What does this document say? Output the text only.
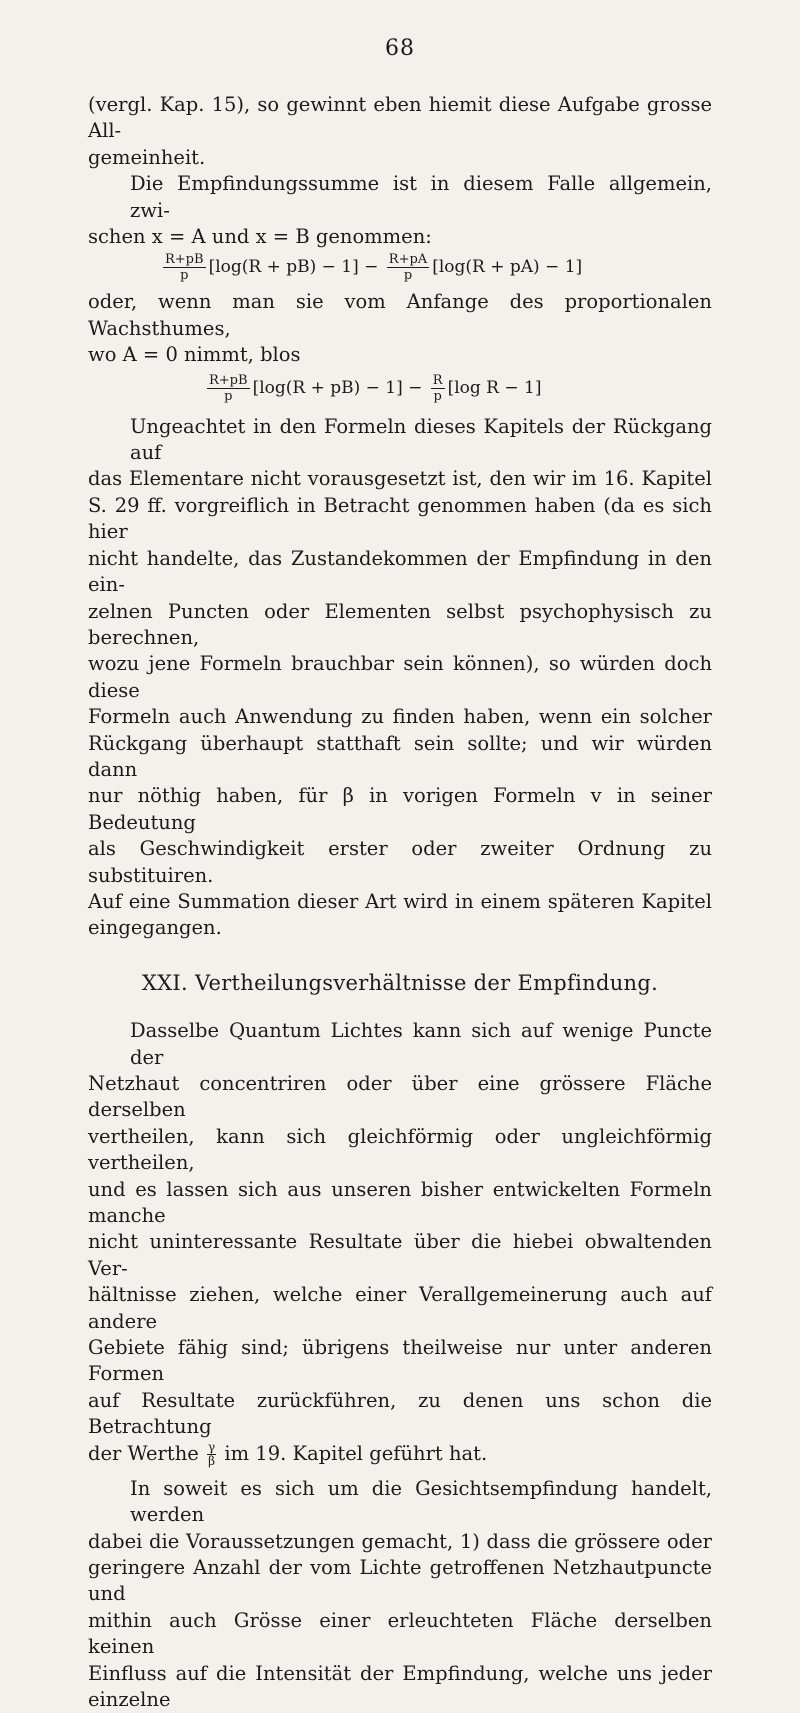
68
(vergl. Kap. 15), so gewinnt eben hiemit diese Aufgabe grosse All-
gemeinheit.
Die Empfindungssumme ist in diesem Falle allgemein, zwi-
schen x = A und x = B genommen:
$\frac{R+pB}{p} [\log(R + pB) - 1] - \frac{R+pA}{p} [\log(R + pA) - 1]$
oder, wenn man sie vom Anfange des proportionalen Wachsthumes,
wo A = 0 nimmt, blos
$\frac{R+pB}{p} [\log(R + pB) - 1] - \frac{R}{p} [\log$ R − 1]
Ungeachtet in den Formeln dieses Kapitels der Rückgang auf
das Elementare nicht vorausgesetzt ist, den wir im 16. Kapitel
S. 29 ff. vorgreiflich in Betracht genommen haben (da es sich hier
nicht handelte, das Zustandekommen der Empfindung in den ein-
zelnen Puncten oder Elementen selbst psychophysisch zu berechnen,
wozu jene Formeln brauchbar sein können), so würden doch diese
Formeln auch Anwendung zu finden haben, wenn ein solcher
Rückgang überhaupt statthaft sein sollte; und wir würden dann
nur nöthig haben, für β in vorigen Formeln v in seiner Bedeutung
als Geschwindigkeit erster oder zweiter Ordnung zu substituiren.
Auf eine Summation dieser Art wird in einem späteren Kapitel
eingegangen.
XXI. Vertheilungsverhältnisse der Empfindung.
Dasselbe Quantum Lichtes kann sich auf wenige Puncte der
Netzhaut concentriren oder über eine grössere Fläche derselben
vertheilen, kann sich gleichförmig oder ungleichförmig vertheilen,
und es lassen sich aus unseren bisher entwickelten Formeln manche
nicht uninteressante Resultate über die hiebei obwaltenden Ver-
hältnisse ziehen, welche einer Verallgemeinerung auch auf andere
Gebiete fähig sind; übrigens theilweise nur unter anderen Formen
auf Resultate zurückführen, zu denen uns schon die Betrachtung
der Werthe $\frac{\gamma}{\beta}$ im 19. Kapitel geführt hat.
In soweit es sich um die Gesichtsempfindung handelt, werden
dabei die Voraussetzungen gemacht, 1) dass die grössere oder
geringere Anzahl der vom Lichte getroffenen Netzhautpuncte und
mithin auch Grösse einer erleuchteten Fläche derselben keinen
Einfluss auf die Intensität der Empfindung, welche uns jeder einzelne
